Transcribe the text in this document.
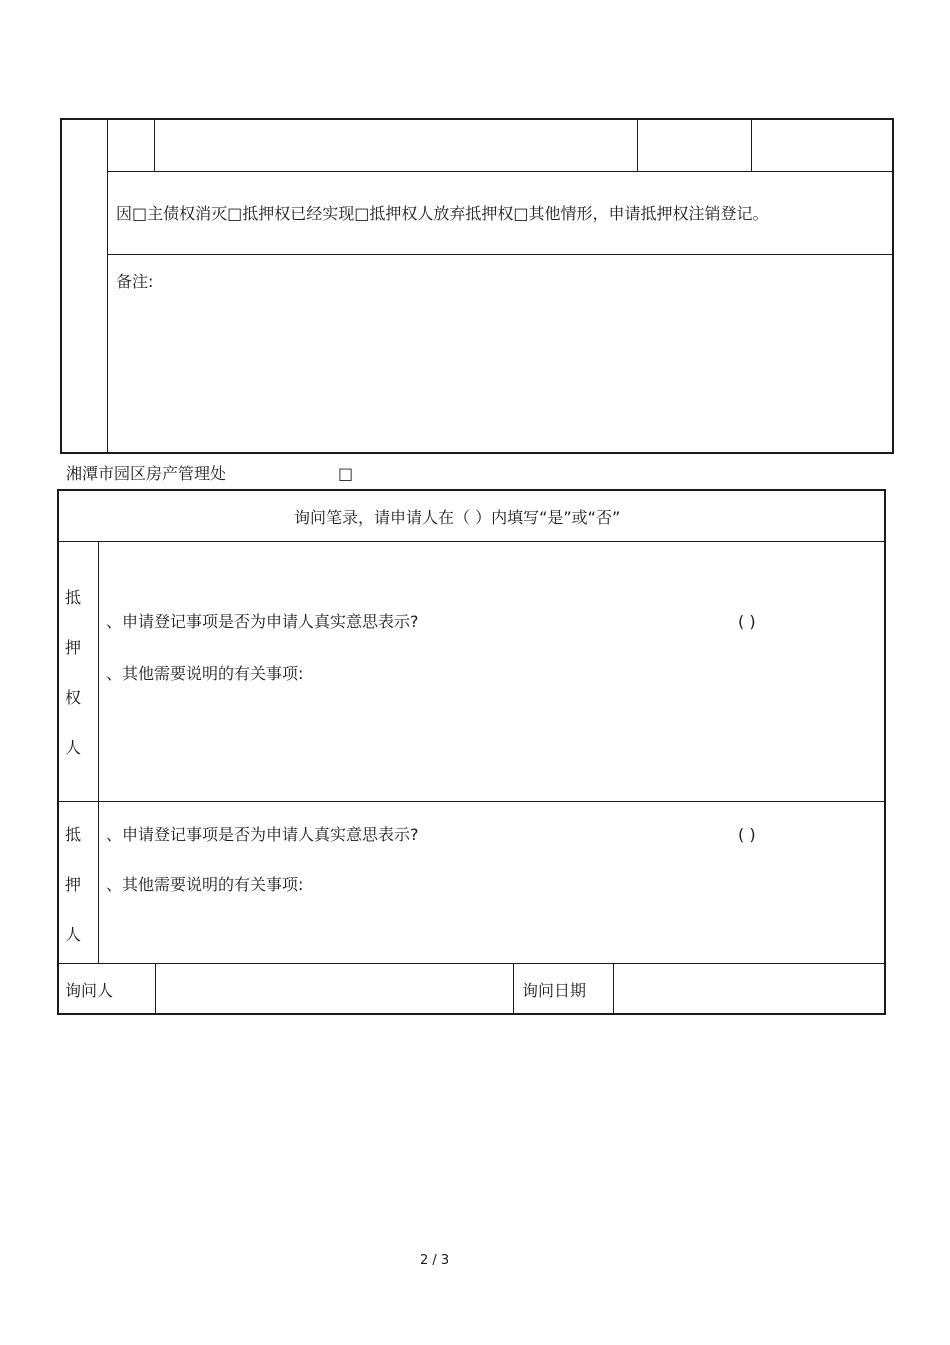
因□主债权消灭□抵押权已经实现□抵押权人放弃抵押权□其他情形，申请抵押权注销登记。
备注:
湘潭市园区房产管理处	□
询问笔录，请申请人在（ ）内填写“是”或“否”
抵
押
权
人
、申请登记事项是否为申请人真实意思表示?	( )
、其他需要说明的有关事项:
抵
押
人
、申请登记事项是否为申请人真实意思表示?	( )
、其他需要说明的有关事项:
询问人	询问日期
2 / 3
